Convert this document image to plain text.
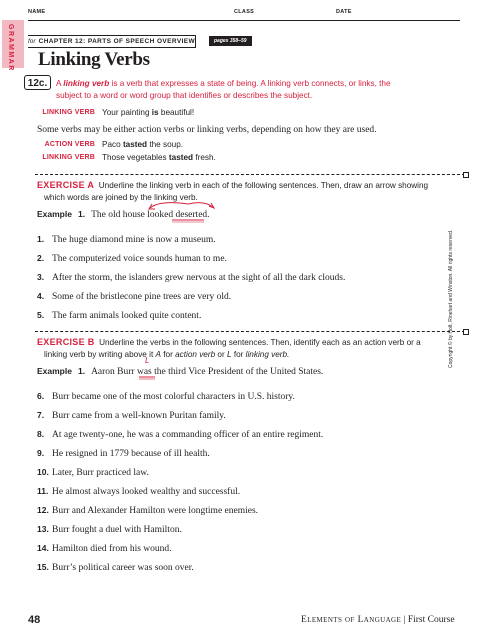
NAME	CLASS	DATE
GRAMMAR for CHAPTER 12: PARTS OF SPEECH OVERVIEW	pages 358–59
Linking Verbs
12c.	A linking verb is a verb that expresses a state of being. A linking verb connects, or links, the
subject to a word or word group that identifies or describes the subject.
LINKING VERB Your painting is beautiful!
Some verbs may be either action verbs or linking verbs, depending on how they are used.
ACTION VERB Paco tasted the soup.
LINKING VERB Those vegetables tasted fresh.
EXERCISE A Underline the linking verb in each of the following sentences. Then, draw an arrow showing
which words are joined by the linking verb.
Example 1. The old house looked deserted.
1. The huge diamond mine is now a museum.
2. The computerized voice sounds human to me.
3. After the storm, the islanders grew nervous at the sight of all the dark clouds.
4. Some of the bristlecone pine trees are very old.
5. The farm animals looked quite content.
EXERCISE B Underline the verbs in the following sentences. Then, identify each as an action verb or a
linking verb by writing above it A for action verb or L for linking verb.
L
Example 1. Aaron Burr was the third Vice President of the United States.
6. Burr became one of the most colorful characters in U.S. history.
7. Burr came from a well-known Puritan family.
8. At age twenty-one, he was a commanding officer of an entire regiment.
9. He resigned in 1779 because of ill health.
10. Later, Burr practiced law.
11. He almost always looked wealthy and successful.
12. Burr and Alexander Hamilton were longtime enemies.
13. Burr fought a duel with Hamilton.
14. Hamilton died from his wound.
15. Burr’s political career was soon over.
Copyright © by Holt, Rinehart and Winston. All rights reserved.
48	Elements of Language | First Course
